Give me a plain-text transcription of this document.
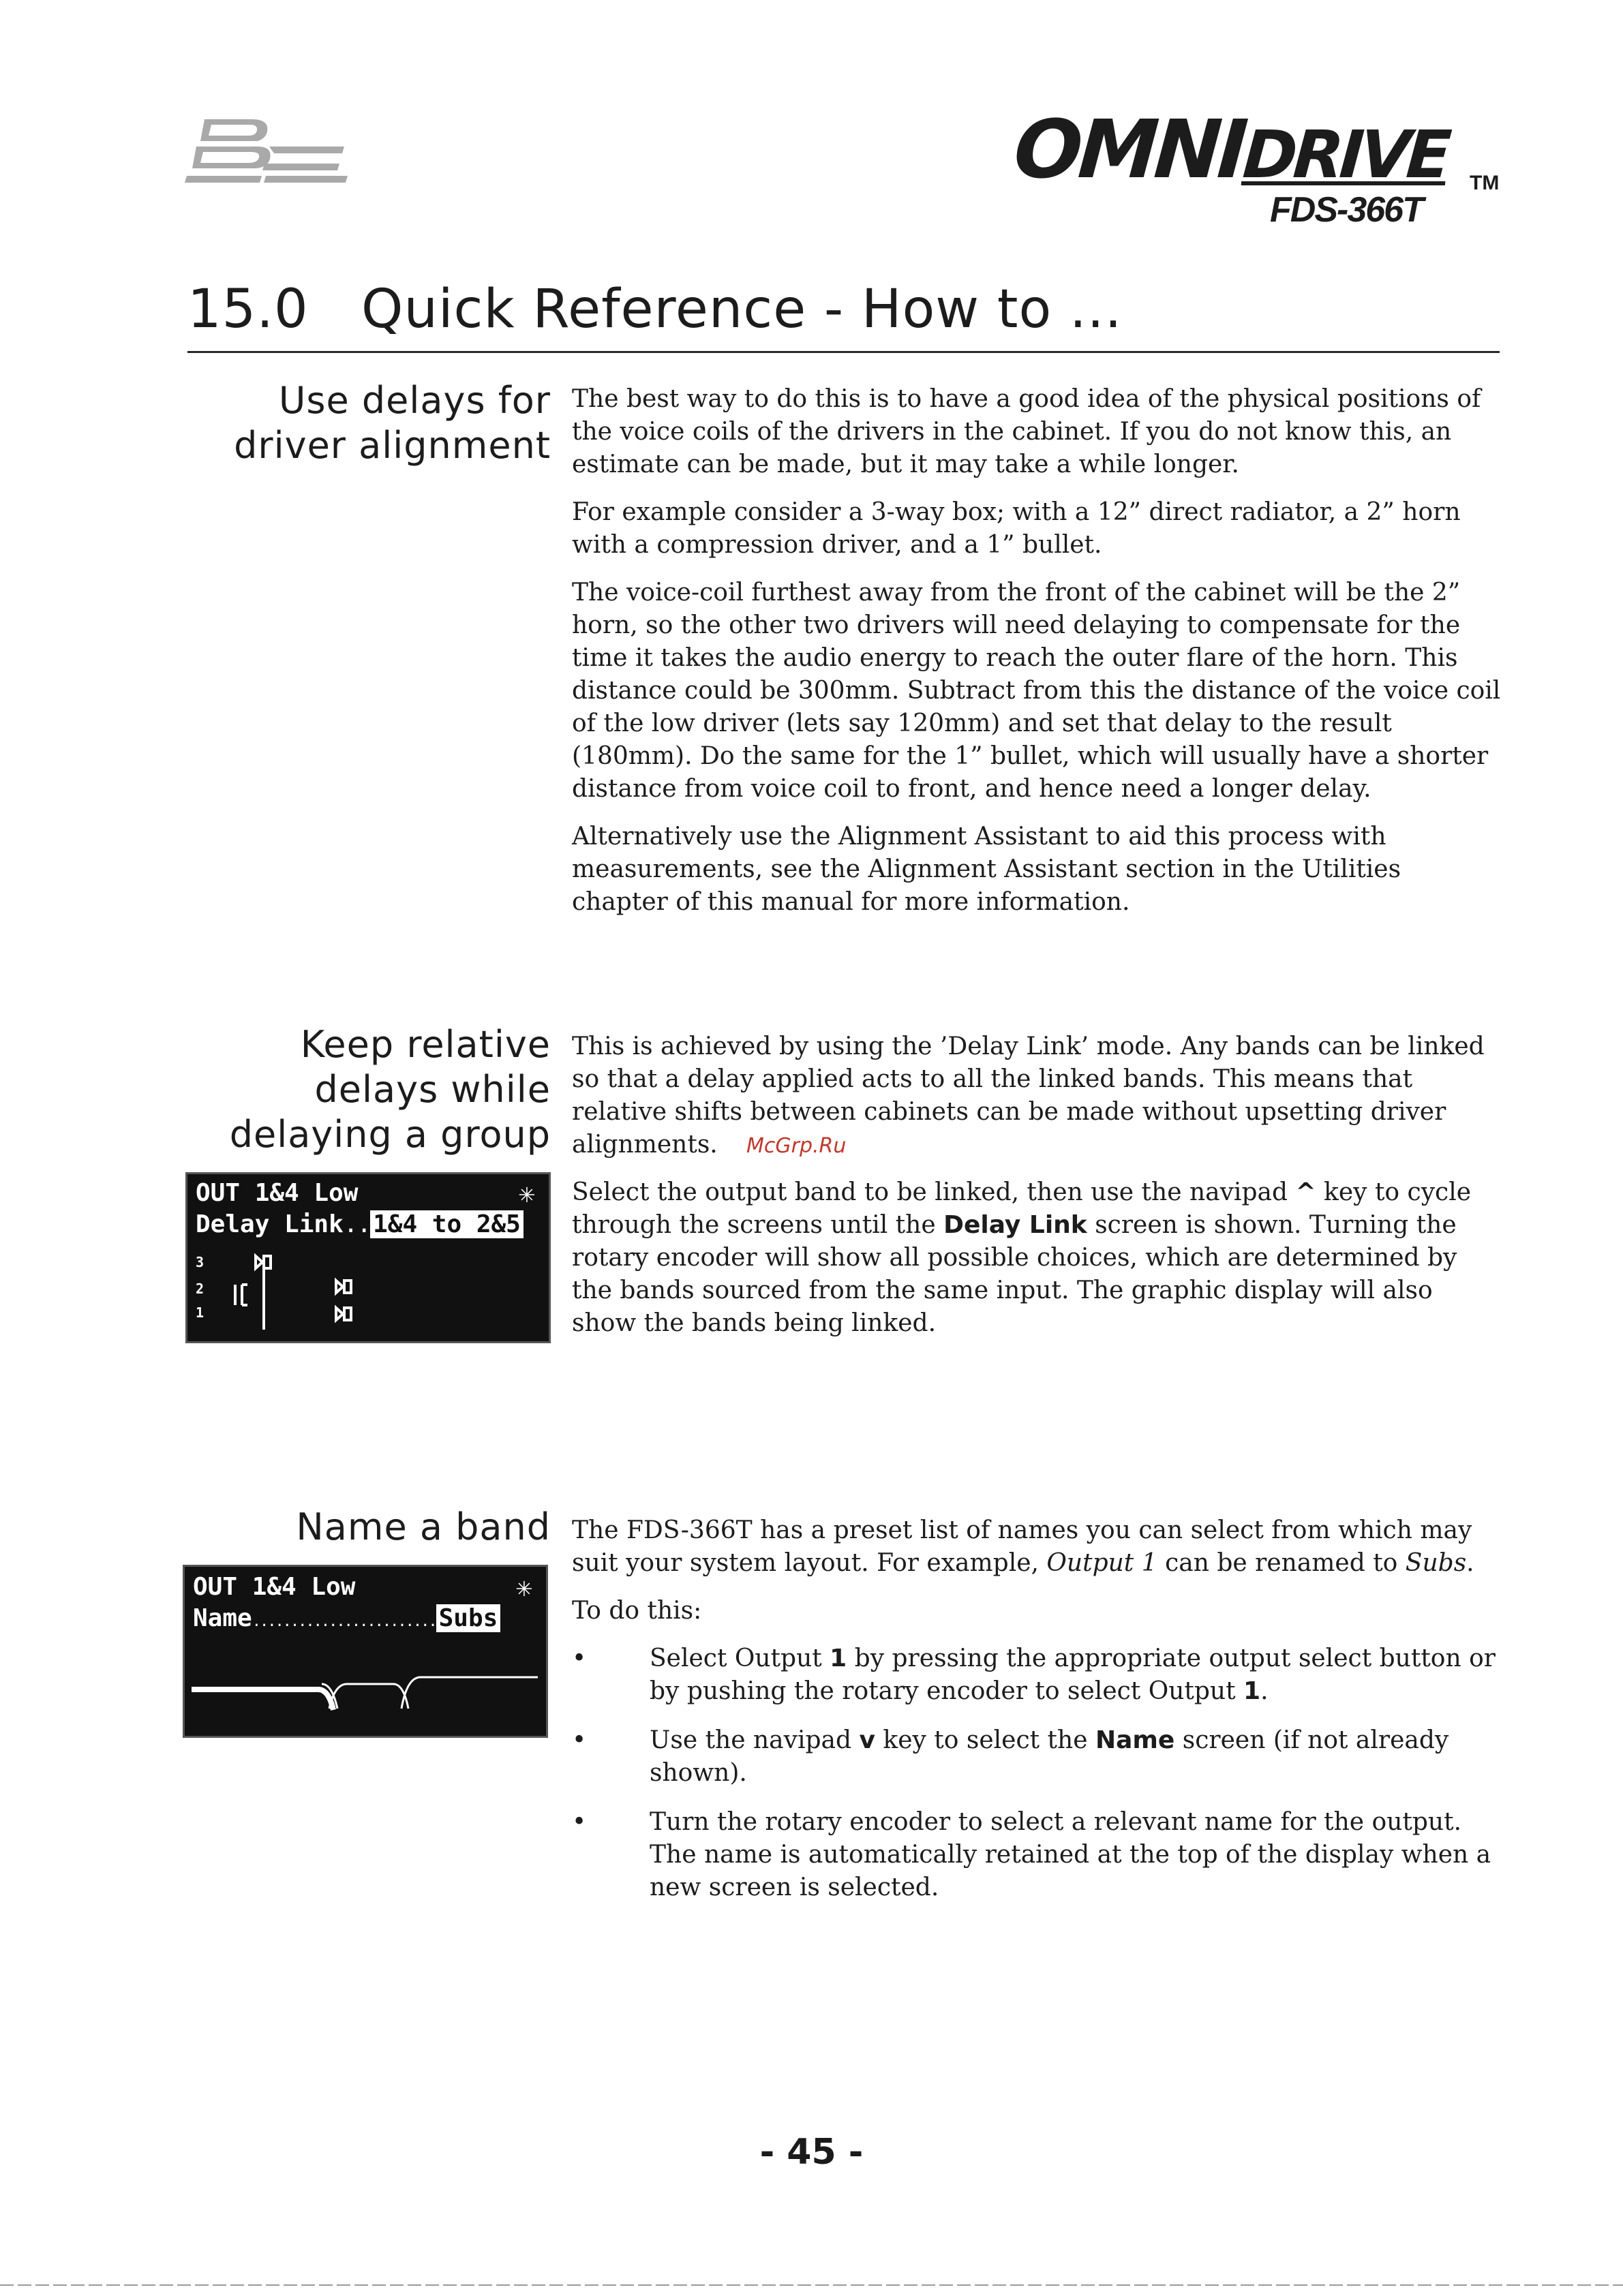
OMNIDRIVE TM
FDS-366T
15.0   Quick Reference - How to ...
Use delays for
driver alignment

The best way to do this is to have a good idea of the physical positions of the voice coils of the drivers in the cabinet. If you do not know this, an estimate can be made, but it may take a while longer.

For example consider a 3-way box; with a 12” direct radiator, a 2” horn with a compression driver, and a 1” bullet.

The voice-coil furthest away from the front of the cabinet will be the 2” horn, so the other two drivers will need delaying to compensate for the time it takes the audio energy to reach the outer flare of the horn. This distance could be 300mm. Subtract from this the distance of the voice coil of the low driver (lets say 120mm) and set that delay to the result (180mm). Do the same for the 1” bullet, which will usually have a shorter distance from voice coil to front, and hence need a longer delay.

Alternatively use the Alignment Assistant to aid this process with measurements, see the Alignment Assistant section in the Utilities chapter of this manual for more information.

Keep relative
delays while
delaying a group

This is achieved by using the ’Delay Link’ mode. Any bands can be linked so that a delay applied acts to all the linked bands. This means that relative shifts between cabinets can be made without upsetting driver alignments.

Select the output band to be linked, then use the navipad ^ key to cycle through the screens until the Delay Link screen is shown. Turning the rotary encoder will show all possible choices, which are determined by the bands sourced from the same input. The graphic display will also show the bands being linked.

McGrp.Ru
OUT 1&4 Low	✳
Delay Link.. 1&4 to 2&5
3
2
1
Name a band The FDS-366T has a preset list of names you can select from which may suit your system layout. For example, Output 1 can be renamed to Subs.

To do this:

• Select Output 1 by pressing the appropriate output select button or by pushing the rotary encoder to select Output 1.
• Use the navipad v key to select the Name screen (if not already shown).
• Turn the rotary encoder to select a relevant name for the output. The name is automatically retained at the top of the display when a new screen is selected.
OUT 1&4 Low	✳
Name........................ Subs
- 45 -
